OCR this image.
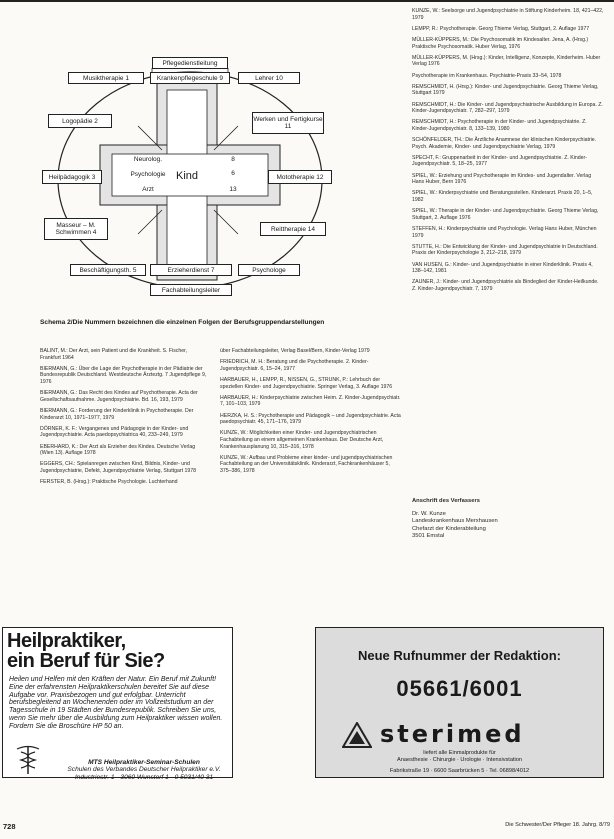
Pflegedienstleitung
Musiktherapie 1	Krankenpflegeschule 9	Lehrer 10
Logopädie 2	Werken und Fertigkurse 11
Heilpädagogik 3	Mototherapie 12
Masseur – M. Schwimmen 4	Reittherapie 14
Beschäftigungsth. 5	Erzieherdienst 7	Psychologe
Fachabteilungsleiter
Neurolog.
Psychologie
Arzt
Kind
8
6
13
Schema 2/Die Nummern bezeichnen die einzelnen Folgen der Berufsgruppendarstellungen

KUNZE, W.: Seelsorge und Jugendpsychiatrie in Stiftung Kinderheim. 18, 421–422, 1979

LEMPP, R.: Psychotherapie. Georg Thieme Verlag, Stuttgart, 2. Auflage 1977

MÜLLER-KÜPPERS, M.: Die Psychosomatik im Kindesalter. Jena, A. (Hrsg.) Praktische Psychosomatik. Huber Verlag, 1976

MÜLLER-KÜPPERS, M. (Hrsg.): Kinder, Intelligenz, Konzepte, Kinderheim. Huber Verlag 1976

Psychotherapie im Krankenhaus. Psychiatrie-Praxis 33–54, 1978

REMSCHMIDT, H. (Hrsg.): Kinder- und Jugendpsychiatrie. Georg Thieme Verlag, Stuttgart 1979

REMSCHMIDT, H.: Die Kinder- und Jugendpsychiatrische Ausbildung in Europa. Z. Kinder-Jugendpsychiatr. 7, 282–297, 1979

REMSCHMIDT, H.: Psychotherapie in der Kinder- und Jugendpsychiatrie. Z. Kinder-Jugendpsychiatr. 8, 133–139, 1980

SCHÖNFELDER, TH.: Die Ärztliche Anamnese der klinischen Kinderpsychiatrie. Psych. Akademie, Kinder- und Jugendpsychiatrie Verlag, 1979

SPECHT, F.: Gruppenarbeit in der Kinder- und Jugendpsychiatrie. Z. Kinder-Jugendpsychiatr. 5, 18–25, 1977

SPIEL, W.: Erziehung und Psychotherapie im Kindes- und Jugendalter. Verlag Hans Huber, Bern 1976

SPIEL, W.: Kinderpsychiatrie und Beratungsstellen. Kinderarzt. Praxis 20, 1–5, 1982

SPIEL, W.: Therapie in der Kinder- und Jugendpsychiatrie. Georg Thieme Verlag, Stuttgart, 2. Auflage 1976

STEFFEN, H.: Kinderpsychiatrie und Psychologie. Verlag Hans Huber, München 1979

STUTTE, H.: Die Entwicklung der Kinder- und Jugendpsychiatrie in Deutschland. Praxis der Kinderpsychologie 3, 212–218, 1979

VAN HUSEN, G.: Kinder- und Jugendpsychiatrie in einer Kinderklinik. Praxis 4, 138–142, 1981

ZAUNER, J.: Kinder- und Jugendpsychiatrie als Bindeglied der Kinder-Heilkunde. Z. Kinder-Jugendpsychiatr. 7, 1979

Anschrift des Verfassers

Dr. W. Kunze
Landeskrankenhaus Merxhausen
Chefarzt der Kinderabteilung
3501 Emstal

BALINT, M.: Der Arzt, sein Patient und die Krankheit. S. Fischer, Frankfurt 1964

BIERMANN, G.: Über die Lage der Psychotherapie in der Pädiatrie der Bundesrepublik Deutschland. Westdeutsche Ärzteztg. 7 Jugendpflege 9, 1976

BIERMANN, G.: Das Recht des Kindes auf Psychotherapie. Acta der Gesellschaftsaufnahme. Jugendpsychiatrie. Bd. 16, 193, 1979

BIERMANN, G.: Forderung der Kinderklinik in Psychotherapie. Der Kinderarzt 10, 1971–1977, 1979

DÖRNER, K. F.: Vergangenes und Pädagogie in der Kinder- und Jugendpsychiatrie. Acta paedopsychiatrica 40, 233–249, 1979

EBERHARD, K.: Der Arzt als Erzieher des Kindes. Deutsche Verlag (Wien 13). Auflage 1978

EGGERS, CH.: Spielanregen zwischen Kind, Bildnis, Kinder- und Jugendpsychiatrie, Defekt, Jugendpsychiatrie Verlag, Stuttgart 1978

FERSTER, B. (Hrsg.): Praktische Psychologie. Luchterhand

über Fachabteilungsleiter, Verlag Basel/Bern, Kinder-Verlag 1979

FRIEDRICH, M. H.: Beratung und die Psychotherapie. 2. Kinder-Jugendpsychiatr. 6, 15–24, 1977

HARBAUER, H., LEMPP, R., NISSEN, G., STRUNK, P.: Lehrbuch der speziellen Kinder- und Jugendpsychiatrie. Springer Verlag, 3. Auflage 1976

HARBAUER, H.: Kinderpsychiatrie zwischen Heim. Z. Kinder-Jugendpsychiatr. 7, 101–103, 1979

HERZKA, H. S.: Psychotherapie und Pädagogik – und Jugendpsychiatrie. Acta paedopsychiatr. 45, 171–176, 1979

KUNZE, W.: Möglichkeiten einer Kinder- und Jugendpsychiatrischen Fachabteilung an einem allgemeinen Krankenhaus. Der Deutsche Arzt, Krankenhausplanung 10, 315–316, 1978

KUNZE, W.: Aufbau und Probleme einer kinder- und jugendpsychiatrischen Fachabteilung an der Universitätsklinik. Kinderarzt, Fachkrankenhäuser 5, 375–386, 1978

Heilpraktiker,
ein Beruf für Sie?
Heilen und Helfen mit den Kräften der Natur. Ein Beruf mit Zukunft! Eine der erfahrensten Heilpraktikerschulen bereitet Sie auf diese Aufgabe vor. Praxisbezogen und gut erfolgbar. Unterricht berufsbegleitend an Wochenenden oder im Vollzeitstudium an der Tagesschule in 19 Städten der Bundesrepublik. Schreiben Sie uns, wenn Sie mehr über die Ausbildung zum Heilpraktiker wissen wollen. Fordern Sie die Broschüre HP 50 an.
MTS Heilpraktiker-Seminar-Schulen
Schulen des Verbandes Deutscher Heilpraktiker e.V.
Industriestr. 1 · 3060 Wunstorf 1 · 0 5031/40 31
Neue Rufnummer der Redaktion:
05661/6001
sterimed
liefert alle Einmalprodukte für
Anaesthesie · Chirurgie · Urologie · Intensivstation
Fabrikstraße 19 · 6600 Saarbrücken 5 · Tel. 06898/4012
728	Die Schwester/Der Pfleger 18. Jahrg. 8/79
